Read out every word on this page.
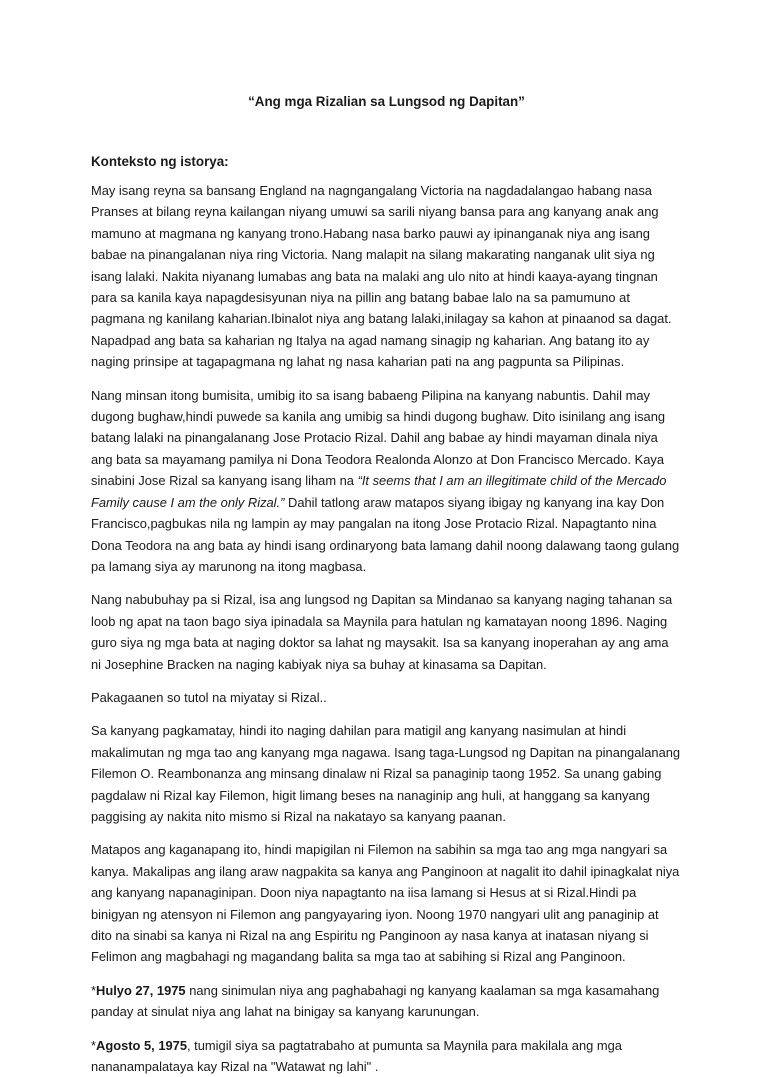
“Ang mga Rizalian sa Lungsod ng Dapitan”
Konteksto ng istorya:

May isang reyna sa bansang England na nagngangalang Victoria na nagdadalangao habang nasa Pranses at bilang reyna kailangan niyang umuwi sa sarili niyang bansa para ang kanyang anak ang mamuno at magmana ng kanyang trono.Habang nasa barko pauwi ay ipinanganak niya ang isang babae na pinangalanan niya ring Victoria. Nang malapit na silang makarating nanganak ulit siya ng isang lalaki. Nakita niyanang lumabas ang bata na malaki ang ulo nito at hindi kaaya-ayang tingnan para sa kanila kaya napagdesisyunan niya na pillin ang batang babae lalo na sa pamumuno at pagmana ng kanilang kaharian.Ibinalot niya ang batang lalaki,inilagay sa kahon at pinaanod sa dagat. Napadpad ang bata sa kaharian ng Italya na agad namang sinagip ng kaharian. Ang batang ito ay naging prinsipe at tagapagmana ng lahat ng nasa kaharian pati na ang pagpunta sa Pilipinas.

Nang minsan itong bumisita, umibig ito sa isang babaeng Pilipina na kanyang nabuntis. Dahil may dugong bughaw,hindi puwede sa kanila ang umibig sa hindi dugong bughaw. Dito isinilang ang isang batang lalaki na pinangalanang Jose Protacio Rizal. Dahil ang babae ay hindi mayaman dinala niya ang bata sa mayamang pamilya ni Dona Teodora Realonda Alonzo at Don Francisco Mercado. Kaya sinabini Jose Rizal sa kanyang isang liham na “It seems that I am an illegitimate child of the Mercado Family cause I am the only Rizal.” Dahil tatlong araw matapos siyang ibigay ng kanyang ina kay Don Francisco,pagbukas nila ng lampin ay may pangalan na itong Jose Protacio Rizal. Napagtanto nina Dona Teodora na ang bata ay hindi isang ordinaryong bata lamang dahil noong dalawang taong gulang pa lamang siya ay marunong na itong magbasa.

Nang nabubuhay pa si Rizal, isa ang lungsod ng Dapitan sa Mindanao sa kanyang naging tahanan sa loob ng apat na taon bago siya ipinadala sa Maynila para hatulan ng kamatayan noong 1896. Naging guro siya ng mga bata at naging doktor sa lahat ng maysakit. Isa sa kanyang inoperahan ay ang ama ni Josephine Bracken na naging kabiyak niya sa buhay at kinasama sa Dapitan.

Pakagaanen so tutol na miyatay si Rizal..

Sa kanyang pagkamatay, hindi ito naging dahilan para matigil ang kanyang nasimulan at hindi makalimutan ng mga tao ang kanyang mga nagawa. Isang taga-Lungsod ng Dapitan na pinangalanang Filemon O. Reambonanza ang minsang dinalaw ni Rizal sa panaginip taong 1952. Sa unang gabing pagdalaw ni Rizal kay Filemon, higit limang beses na nanaginip ang huli, at hanggang sa kanyang paggising ay nakita nito mismo si Rizal na nakatayo sa kanyang paanan.

Matapos ang kaganapang ito, hindi mapigilan ni Filemon na sabihin sa mga tao ang mga nangyari sa kanya. Makalipas ang ilang araw nagpakita sa kanya ang Panginoon at nagalit ito dahil ipinagkalat niya ang kanyang napanaginipan. Doon niya napagtanto na iisa lamang si Hesus at si Rizal.Hindi pa binigyan ng atensyon ni Filemon ang pangyayaring iyon. Noong 1970 nangyari ulit ang panaginip at dito na sinabi sa kanya ni Rizal na ang Espiritu ng Panginoon ay nasa kanya at inatasan niyang si Felimon ang magbahagi ng magandang balita sa mga tao at sabihing si Rizal ang Panginoon.

*Hulyo 27, 1975 nang sinimulan niya ang paghabahagi ng kanyang kaalaman sa mga kasamahang panday at sinulat niya ang lahat na binigay sa kanyang karunungan.

*Agosto 5, 1975, tumigil siya sa pagtatrabaho at pumunta sa Maynila para makilala ang mga nananampalataya kay Rizal na "Watawat ng lahi" .
